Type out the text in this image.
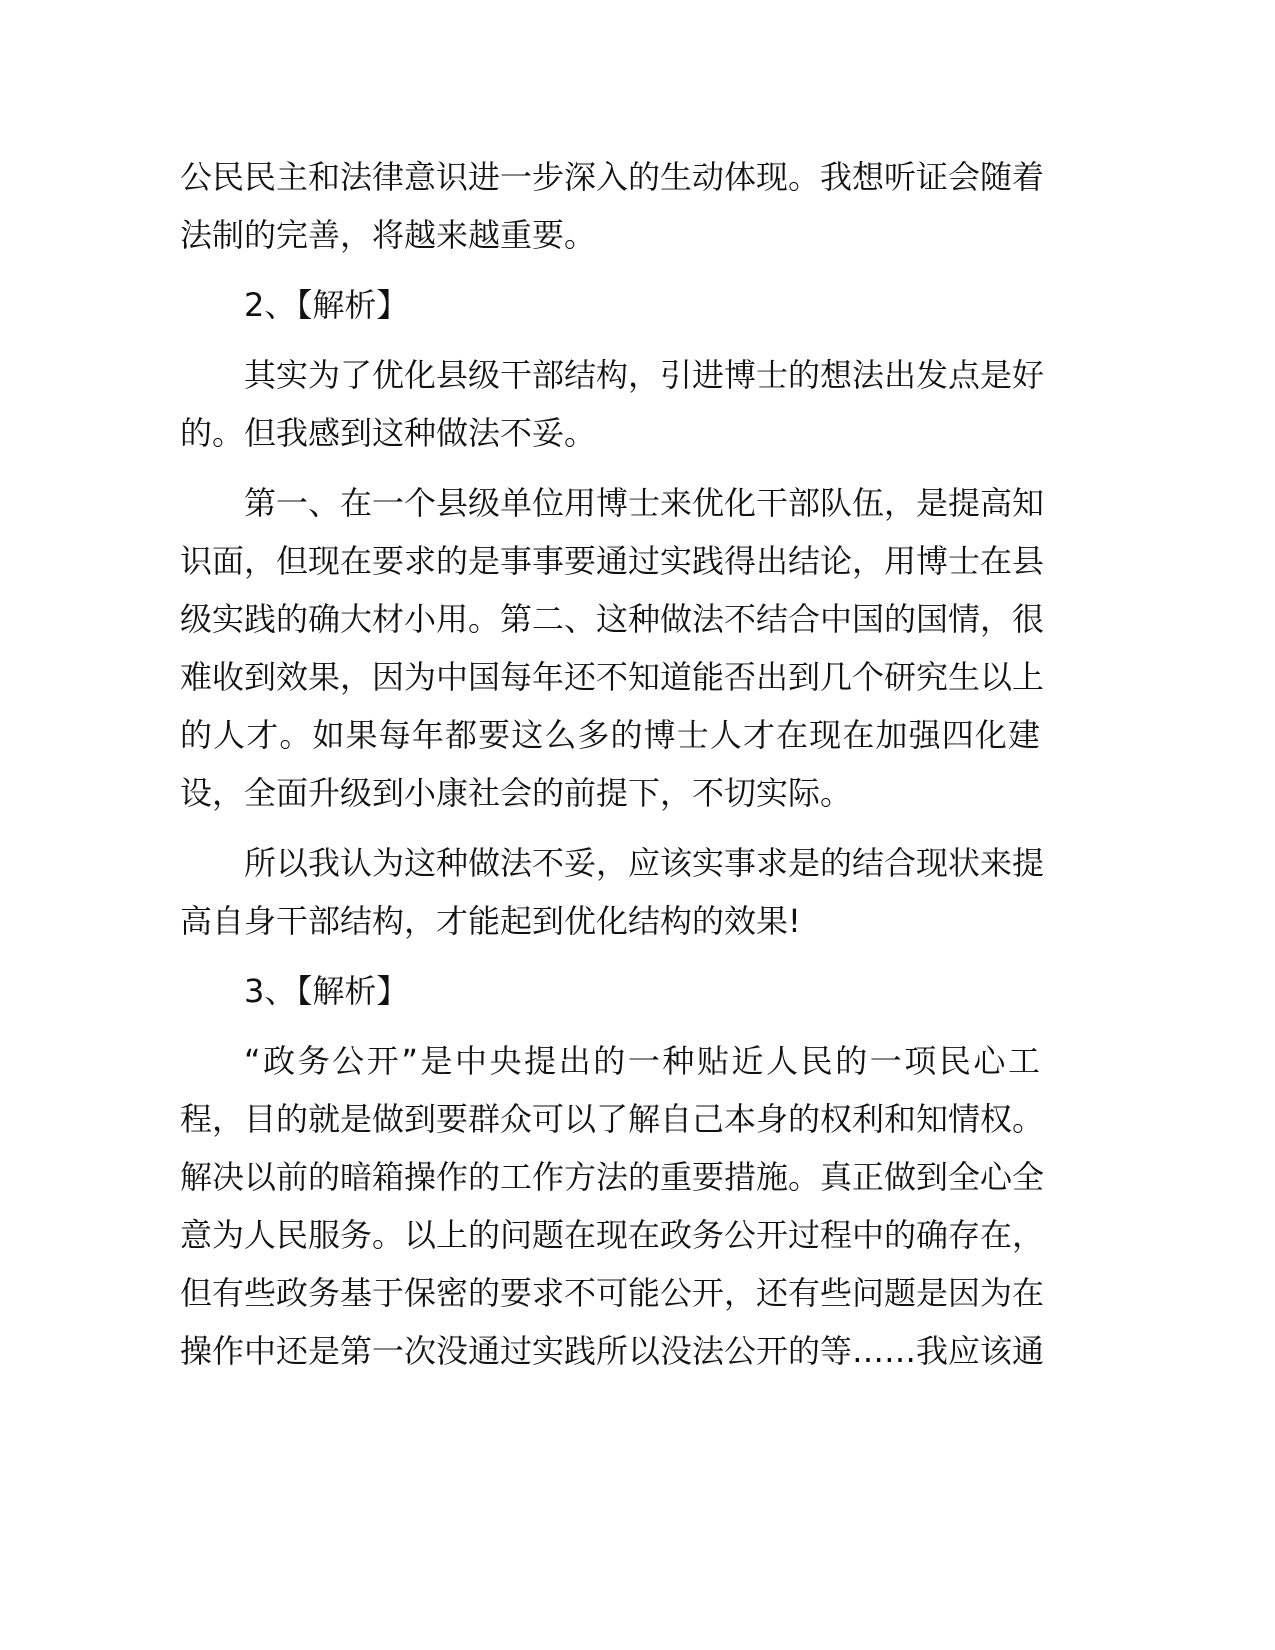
公民民主和法律意识进一步深入的生动体现。我想听证会随着
法制的完善，将越来越重要。
2、【解析】
其实为了优化县级干部结构，引进博士的想法出发点是好
的。但我感到这种做法不妥。
第一、在一个县级单位用博士来优化干部队伍，是提高知
识面，但现在要求的是事事要通过实践得出结论，用博士在县
级实践的确大材小用。第二、这种做法不结合中国的国情，很
难收到效果，因为中国每年还不知道能否出到几个研究生以上
的人才。如果每年都要这么多的博士人才在现在加强四化建
设，全面升级到小康社会的前提下，不切实际。
所以我认为这种做法不妥，应该实事求是的结合现状来提
高自身干部结构，才能起到优化结构的效果!
3、【解析】
“政务公开”是中央提出的一种贴近人民的一项民心工
程，目的就是做到要群众可以了解自己本身的权利和知情权。
解决以前的暗箱操作的工作方法的重要措施。真正做到全心全
意为人民服务。以上的问题在现在政务公开过程中的确存在，
但有些政务基于保密的要求不可能公开，还有些问题是因为在
操作中还是第一次没通过实践所以没法公开的等……我应该通
